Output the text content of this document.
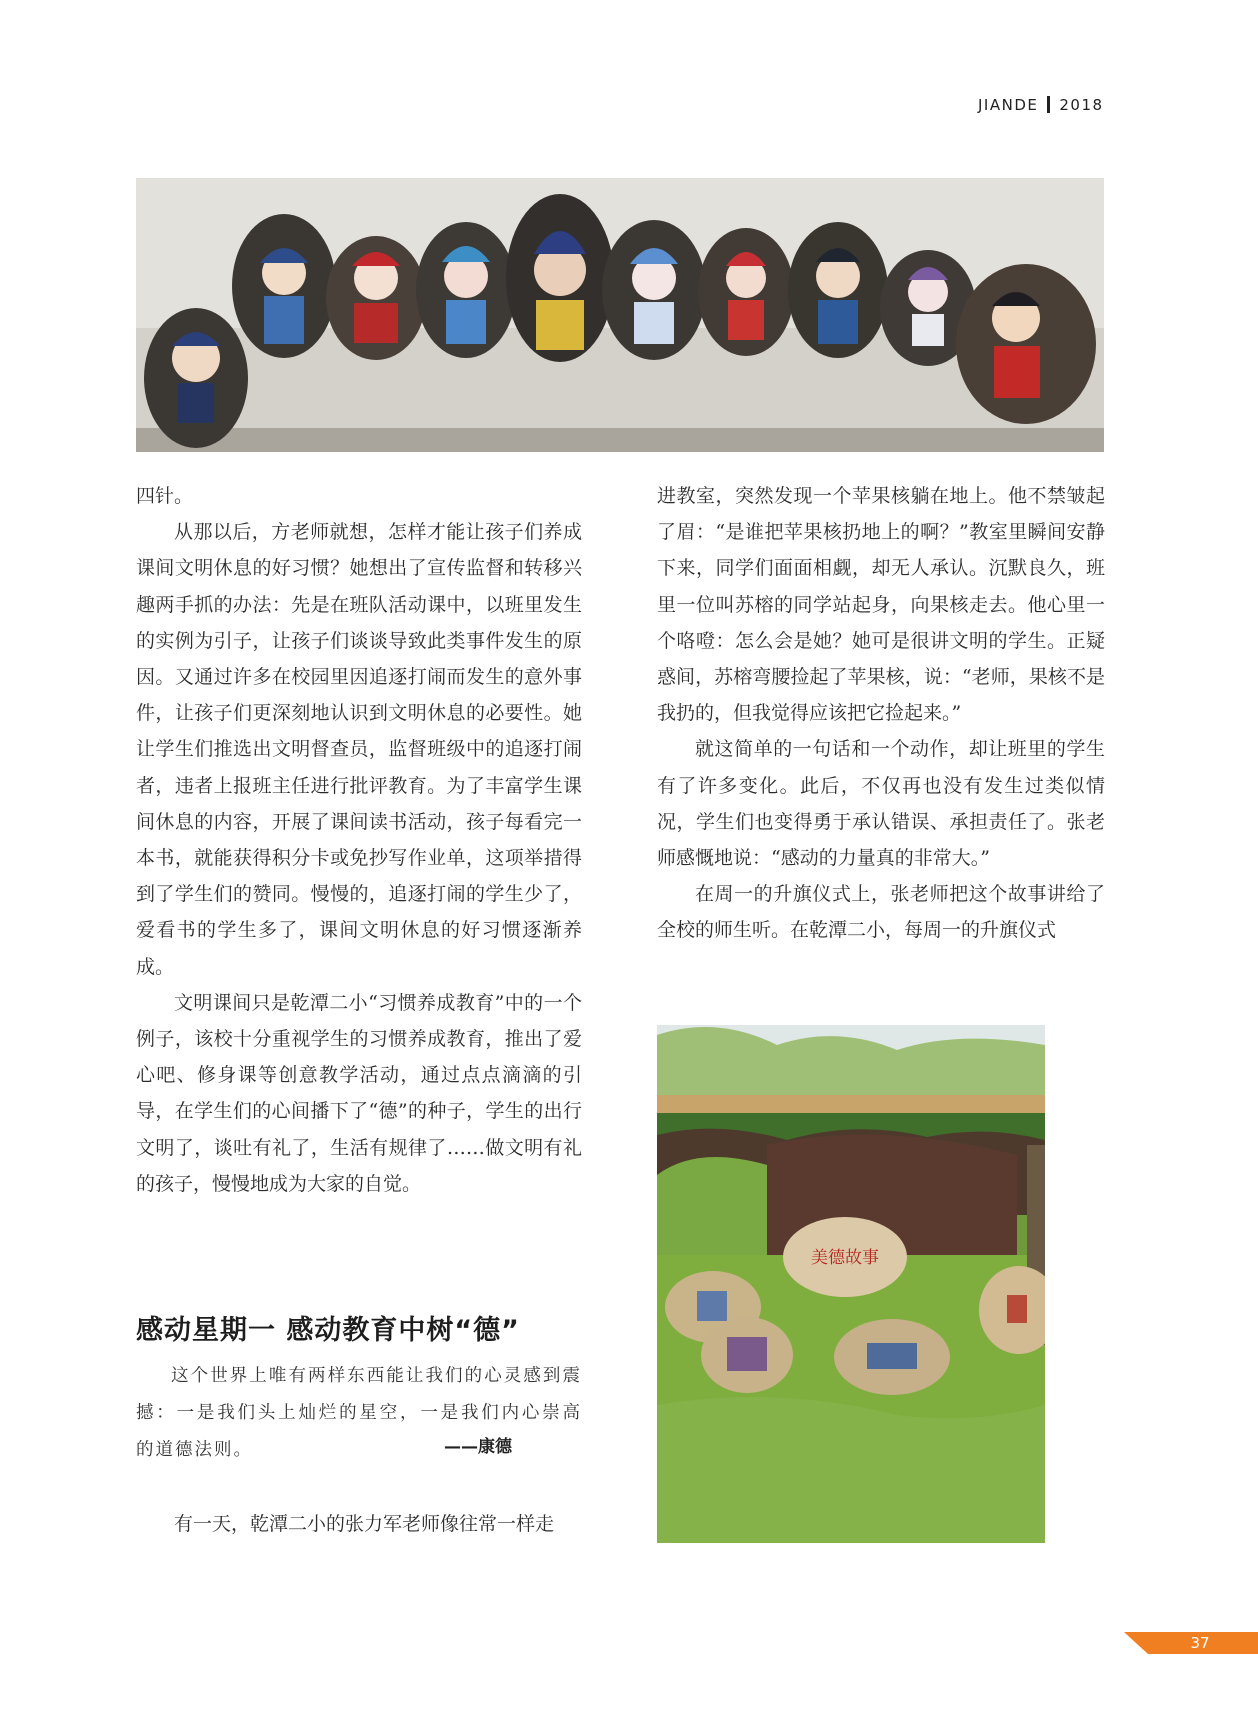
JIANDE 2018

四针。

从那以后，方老师就想，怎样才能让孩子们养成课间文明休息的好习惯？她想出了宣传监督和转移兴趣两手抓的办法：先是在班队活动课中，以班里发生的实例为引子，让孩子们谈谈导致此类事件发生的原因。又通过许多在校园里因追逐打闹而发生的意外事件，让孩子们更深刻地认识到文明休息的必要性。她让学生们推选出文明督查员，监督班级中的追逐打闹者，违者上报班主任进行批评教育。为了丰富学生课间休息的内容，开展了课间读书活动，孩子每看完一本书，就能获得积分卡或免抄写作业单，这项举措得到了学生们的赞同。慢慢的，追逐打闹的学生少了，爱看书的学生多了，课间文明休息的好习惯逐渐养成。

文明课间只是乾潭二小“习惯养成教育”中的一个例子，该校十分重视学生的习惯养成教育，推出了爱心吧、修身课等创意教学活动，通过点点滴滴的引导，在学生们的心间播下了“德”的种子，学生的出行文明了，谈吐有礼了，生活有规律了……做文明有礼的孩子，慢慢地成为大家的自觉。

感动星期一 感动教育中树“德”

这个世界上唯有两样东西能让我们的心灵感到震撼：一是我们头上灿烂的星空，一是我们内心崇高的道德法则。	——康德

有一天，乾潭二小的张力军老师像往常一样走

进教室，突然发现一个苹果核躺在地上。他不禁皱起了眉：“是谁把苹果核扔地上的啊？”教室里瞬间安静下来，同学们面面相觑，却无人承认。沉默良久，班里一位叫苏榕的同学站起身，向果核走去。他心里一个咯噔：怎么会是她？她可是很讲文明的学生。正疑惑间，苏榕弯腰捡起了苹果核，说：“老师，果核不是我扔的，但我觉得应该把它捡起来。”

就这简单的一句话和一个动作，却让班里的学生有了许多变化。此后，不仅再也没有发生过类似情况，学生们也变得勇于承认错误、承担责任了。张老师感慨地说：“感动的力量真的非常大。”

在周一的升旗仪式上，张老师把这个故事讲给了全校的师生听。在乾潭二小，每周一的升旗仪式

美德故事
37
